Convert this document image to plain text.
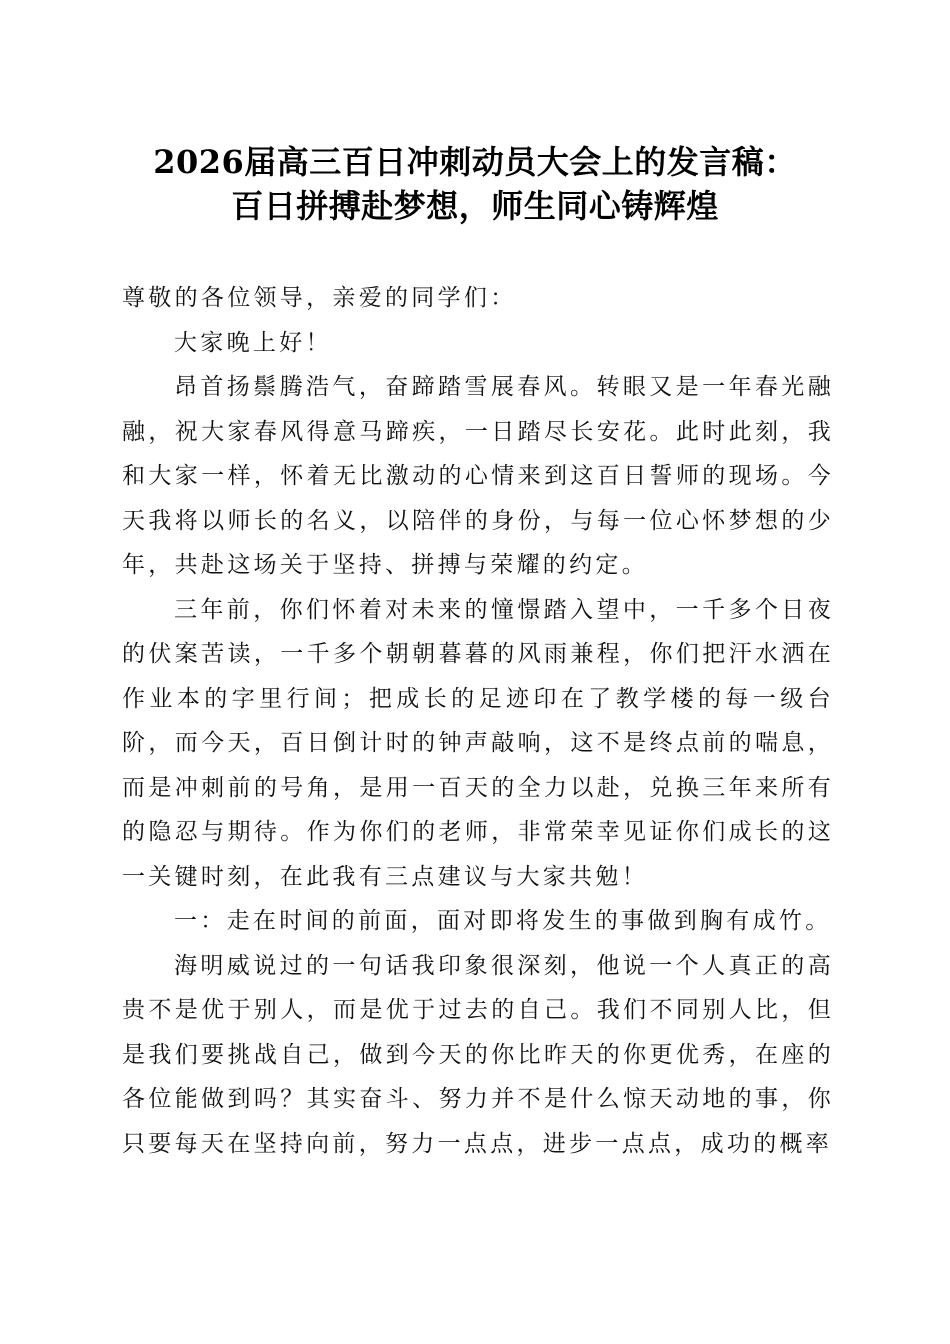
2026届高三百日冲刺动员大会上的发言稿：
百日拼搏赴梦想，师生同心铸辉煌

尊敬的各位领导，亲爱的同学们：

大家晚上好！

昂首扬鬃腾浩气，奋蹄踏雪展春风。转眼又是一年春光融融，祝大家春风得意马蹄疾，一日踏尽长安花。此时此刻，我和大家一样，怀着无比激动的心情来到这百日誓师的现场。今天我将以师长的名义，以陪伴的身份，与每一位心怀梦想的少年，共赴这场关于坚持、拼搏与荣耀的约定。

三年前，你们怀着对未来的憧憬踏入望中，一千多个日夜的伏案苦读，一千多个朝朝暮暮的风雨兼程，你们把汗水洒在作业本的字里行间；把成长的足迹印在了教学楼的每一级台阶，而今天，百日倒计时的钟声敲响，这不是终点前的喘息，而是冲刺前的号角，是用一百天的全力以赴，兑换三年来所有的隐忍与期待。作为你们的老师，非常荣幸见证你们成长的这一关键时刻，在此我有三点建议与大家共勉！

一：走在时间的前面，面对即将发生的事做到胸有成竹。

海明威说过的一句话我印象很深刻，他说一个人真正的高贵不是优于别人，而是优于过去的自己。我们不同别人比，但是我们要挑战自己，做到今天的你比昨天的你更优秀，在座的各位能做到吗？其实奋斗、努力并不是什么惊天动地的事，你只要每天在坚持向前，努力一点点，进步一点点，成功的概率
